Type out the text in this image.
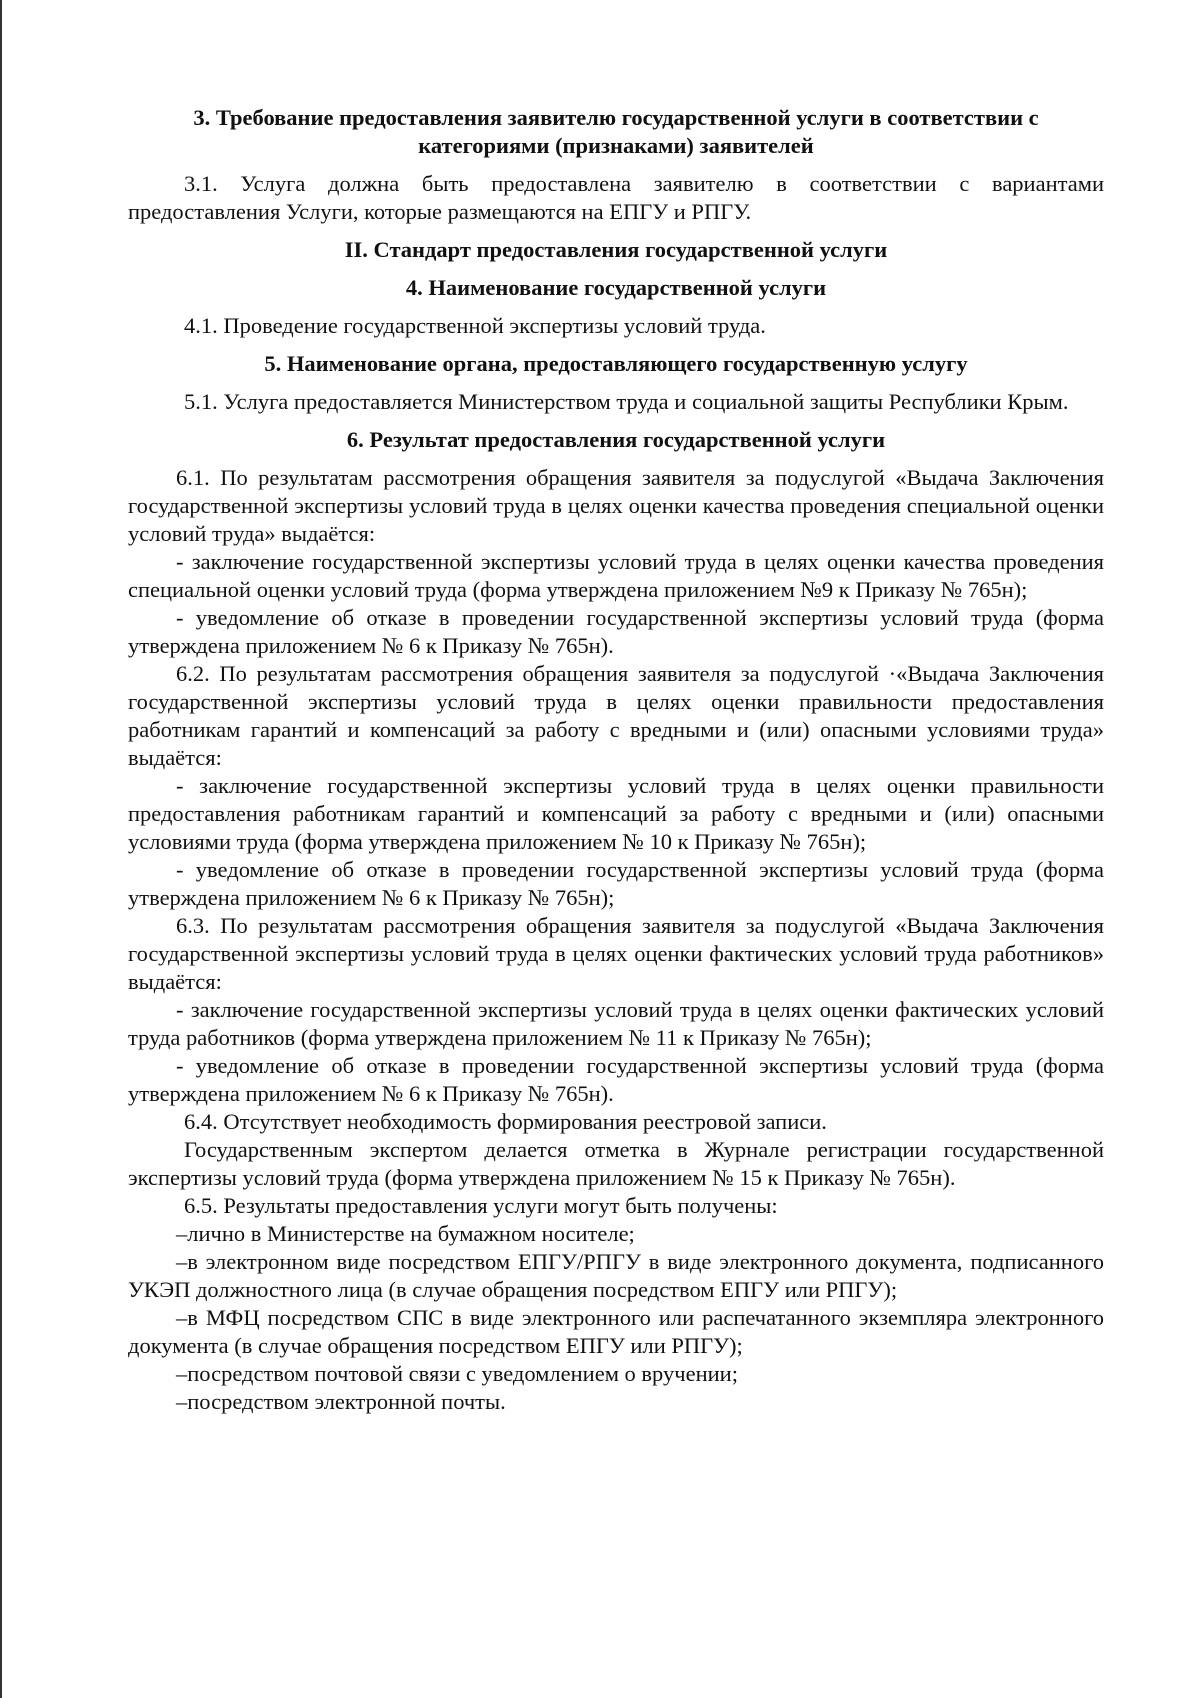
3. Требование предоставления заявителю государственной услуги в соответствии с категориями (признаками) заявителей

3.1. Услуга должна быть предоставлена заявителю в соответствии с вариантами предоставления Услуги, которые размещаются на ЕПГУ и РПГУ.

II. Стандарт предоставления государственной услуги

4. Наименование государственной услуги

4.1. Проведение государственной экспертизы условий труда.

5. Наименование органа, предоставляющего государственную услугу

5.1. Услуга предоставляется Министерством труда и социальной защиты Республики Крым.

6. Результат предоставления государственной услуги

6.1. По результатам рассмотрения обращения заявителя за подуслугой «Выдача Заключения государственной экспертизы условий труда в целях оценки качества проведения специальной оценки условий труда» выдаётся:

- заключение государственной экспертизы условий труда в целях оценки качества проведения специальной оценки условий труда (форма утверждена приложением №9 к Приказу № 765н);

- уведомление об отказе в проведении государственной экспертизы условий труда (форма утверждена приложением № 6 к Приказу № 765н).

6.2. По результатам рассмотрения обращения заявителя за подуслугой ·«Выдача Заключения государственной экспертизы условий труда в целях оценки правильности предоставления работникам гарантий и компенсаций за работу с вредными и (или) опасными условиями труда» выдаётся:

- заключение государственной экспертизы условий труда в целях оценки правильности предоставления работникам гарантий и компенсаций за работу с вредными и (или) опасными условиями труда (форма утверждена приложением № 10 к Приказу № 765н);

- уведомление об отказе в проведении государственной экспертизы условий труда (форма утверждена приложением № 6 к Приказу № 765н);

6.3. По результатам рассмотрения обращения заявителя за подуслугой «Выдача Заключения государственной экспертизы условий труда в целях оценки фактических условий труда работников» выдаётся:

- заключение государственной экспертизы условий труда в целях оценки фактических условий труда работников (форма утверждена приложением № 11 к Приказу № 765н);

- уведомление об отказе в проведении государственной экспертизы условий труда (форма утверждена приложением № 6 к Приказу № 765н).

6.4. Отсутствует необходимость формирования реестровой записи.

Государственным экспертом делается отметка в Журнале регистрации государственной экспертизы условий труда (форма утверждена приложением № 15 к Приказу № 765н).

6.5. Результаты предоставления услуги могут быть получены:

–лично в Министерстве на бумажном носителе;

–в электронном виде посредством ЕПГУ/РПГУ в виде электронного документа, подписанного УКЭП должностного лица (в случае обращения посредством ЕПГУ или РПГУ);

–в МФЦ посредством СПС в виде электронного или распечатанного экземпляра электронного документа (в случае обращения посредством ЕПГУ или РПГУ);

–посредством почтовой связи с уведомлением о вручении;

–посредством электронной почты.
